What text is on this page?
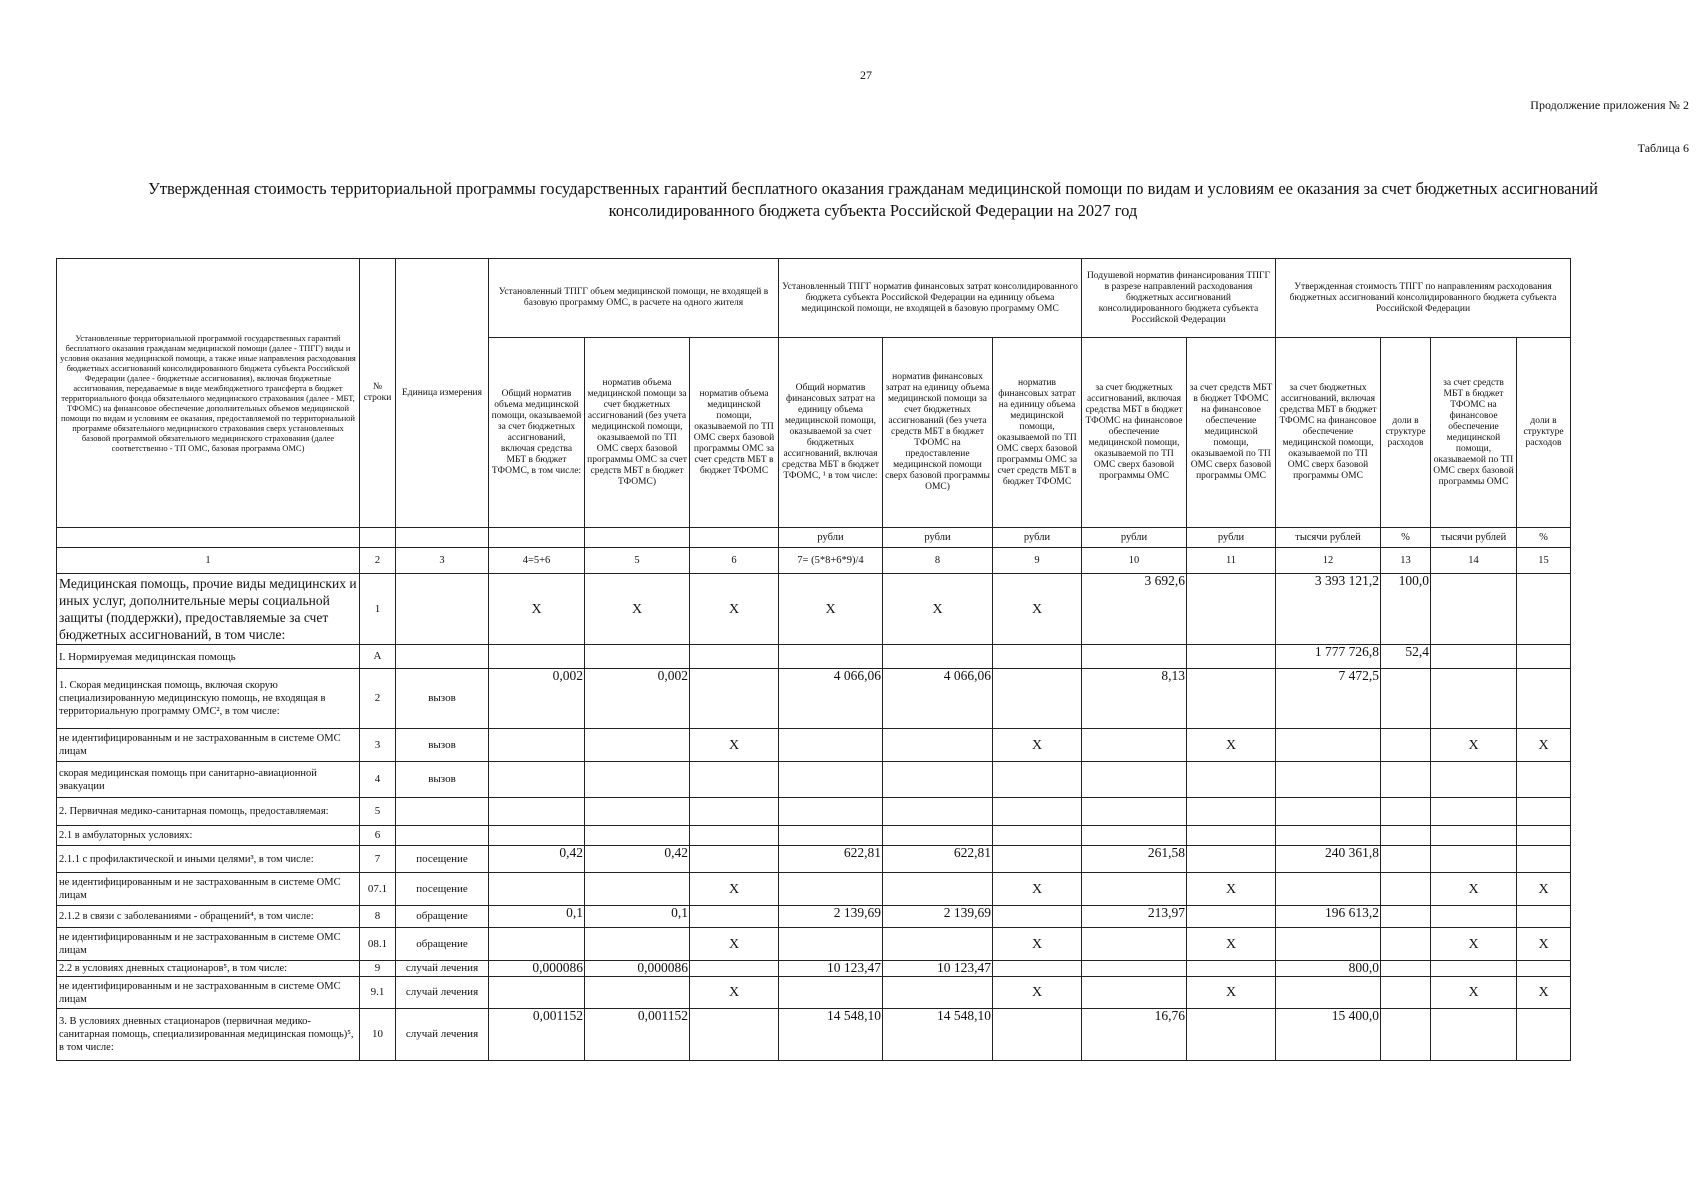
27
Продолжение приложения № 2
Таблица 6
Утвержденная стоимость территориальной программы государственных гарантий бесплатного оказания гражданам медицинской помощи по видам и условиям ее оказания за счет бюджетных ассигнований
консолидированного бюджета субъекта Российской Федерации на 2027 год
Установленные территориальной программой государственных гарантий бесплатного оказания гражданам медицинской помощи (далее - ТПГГ) виды и условия оказания медицинской помощи, а также иные направления расходования бюджетных ассигнований консолидированного бюджета субъекта Российской Федерации (далее - бюджетные ассигнования), включая бюджетные ассигнования, передаваемые в виде межбюджетного трансферта в бюджет территориального фонда обязательного медицинского страхования (далее - МБТ, ТФОМС) на финансовое обеспечение дополнительных объемов медицинской помощи по видам и условиям ее оказания, предоставляемой по территориальной программе обязательного медицинского страхования сверх установленных базовой программой обязательного медицинского страхования (далее соответственно - ТП ОМС, базовая программа ОМС)	№ строки	Единица измерения	Установленный ТПГГ объем медицинской помощи, не входящей в базовую программу ОМС, в расчете на одного жителя			Установленный ТПГГ норматив финансовых затрат консолидированного бюджета субъекта Российской Федерации на единицу объема медицинской помощи, не входящей в базовую программу ОМС			Подушевой норматив финансирования ТПГГ в разрезе направлений расходования бюджетных ассигнований консолидированного бюджета субъекта Российской Федерации		Утвержденная стоимость ТПГГ по направлениям расходования бюджетных ассигнований консолидированного бюджета субъекта Российской Федерации			
			Общий норматив объема медицинской помощи, оказываемой за счет бюджетных ассигнований, включая средства МБТ в бюджет ТФОМС, в том числе:	норматив объема медицинской помощи за счет бюджетных ассигнований (без учета медицинской помощи, оказываемой по ТП ОМС сверх базовой программы ОМС за счет средств МБТ в бюджет ТФОМС)	норматив объема медицинской помощи, оказываемой по ТП ОМС сверх базовой программы ОМС за счет средств МБТ в бюджет ТФОМС	Общий норматив финансовых затрат на единицу объема медицинской помощи, оказываемой за счет бюджетных ассигнований, включая средства МБТ в бюджет ТФОМС, ¹ в том числе:	норматив финансовых затрат на единицу объема медицинской помощи за счет бюджетных ассигнований (без учета средств МБТ в бюджет ТФОМС на предоставление медицинской помощи сверх базовой программы ОМС)	норматив финансовых затрат на единицу объема медицинской помощи, оказываемой по ТП ОМС сверх базовой программы ОМС за счет средств МБТ в бюджет ТФОМС	за счет бюджетных ассигнований, включая средства МБТ в бюджет ТФОМС на финансовое обеспечение медицинской помощи, оказываемой по ТП ОМС сверх базовой программы ОМС	за счет средств МБТ в бюджет ТФОМС на финансовое обеспечение медицинской помощи, оказываемой по ТП ОМС сверх базовой программы ОМС	за счет бюджетных ассигнований, включая средства МБТ в бюджет ТФОМС на финансовое обеспечение медицинской помощи, оказываемой по ТП ОМС сверх базовой программы ОМС	доли в структуре расходов	за счет средств МБТ в бюджет ТФОМС на финансовое обеспечение медицинской помощи, оказываемой по ТП ОМС сверх базовой программы ОМС	доли в структуре расходов
						рубли	рубли	рубли	рубли	рубли	тысячи рублей	%	тысячи рублей	%
1	2	3	4=5+6	5	6	7= (5*8+6*9)/4	8	9	10	11	12	13	14	15
Медицинская помощь, прочие виды медицинских и иных услуг, дополнительные меры социальной защиты (поддержки), предоставляемые за счет бюджетных ассигнований, в том числе:	1		X	X	X	X	X	X	3 692,6		3 393 121,2	100,0		
I. Нормируемая медицинская помощь	А										1 777 726,8	52,4		
1. Скорая медицинская помощь, включая скорую специализированную медицинскую помощь, не входящая в территориальную программу ОМС², в том числе:	2	вызов	0,002	0,002		4 066,06	4 066,06		8,13		7 472,5			
не идентифицированным и не застрахованным в системе ОМС лицам	3	вызов			X			X		X			X	X
скорая медицинская помощь при санитарно-авиационной эвакуации	4	вызов												
2. Первичная медико-санитарная помощь, предоставляемая:	5													
2.1 в амбулаторных условиях:	6													
2.1.1 с профилактической и иными целями³, в том числе:	7	посещение	0,42	0,42		622,81	622,81		261,58		240 361,8			
не идентифицированным и не застрахованным в системе ОМС лицам	07.1	посещение			X			X		X			X	X
2.1.2 в связи с заболеваниями - обращений⁴, в том числе:	8	обращение	0,1	0,1		2 139,69	2 139,69		213,97		196 613,2			
не идентифицированным и не застрахованным в системе ОМС лицам	08.1	обращение			X			X		X			X	X
2.2 в условиях дневных стационаров⁵, в том числе:	9	случай лечения	0,000086	0,000086		10 123,47	10 123,47				800,0			
не идентифицированным и не застрахованным в системе ОМС лицам	9.1	случай лечения			X			X		X			X	X
3. В условиях дневных стационаров (первичная медико-санитарная помощь, специализированная медицинская помощь)⁵, в том числе:	10	случай лечения	0,001152	0,001152		14 548,10	14 548,10		16,76		15 400,0			
